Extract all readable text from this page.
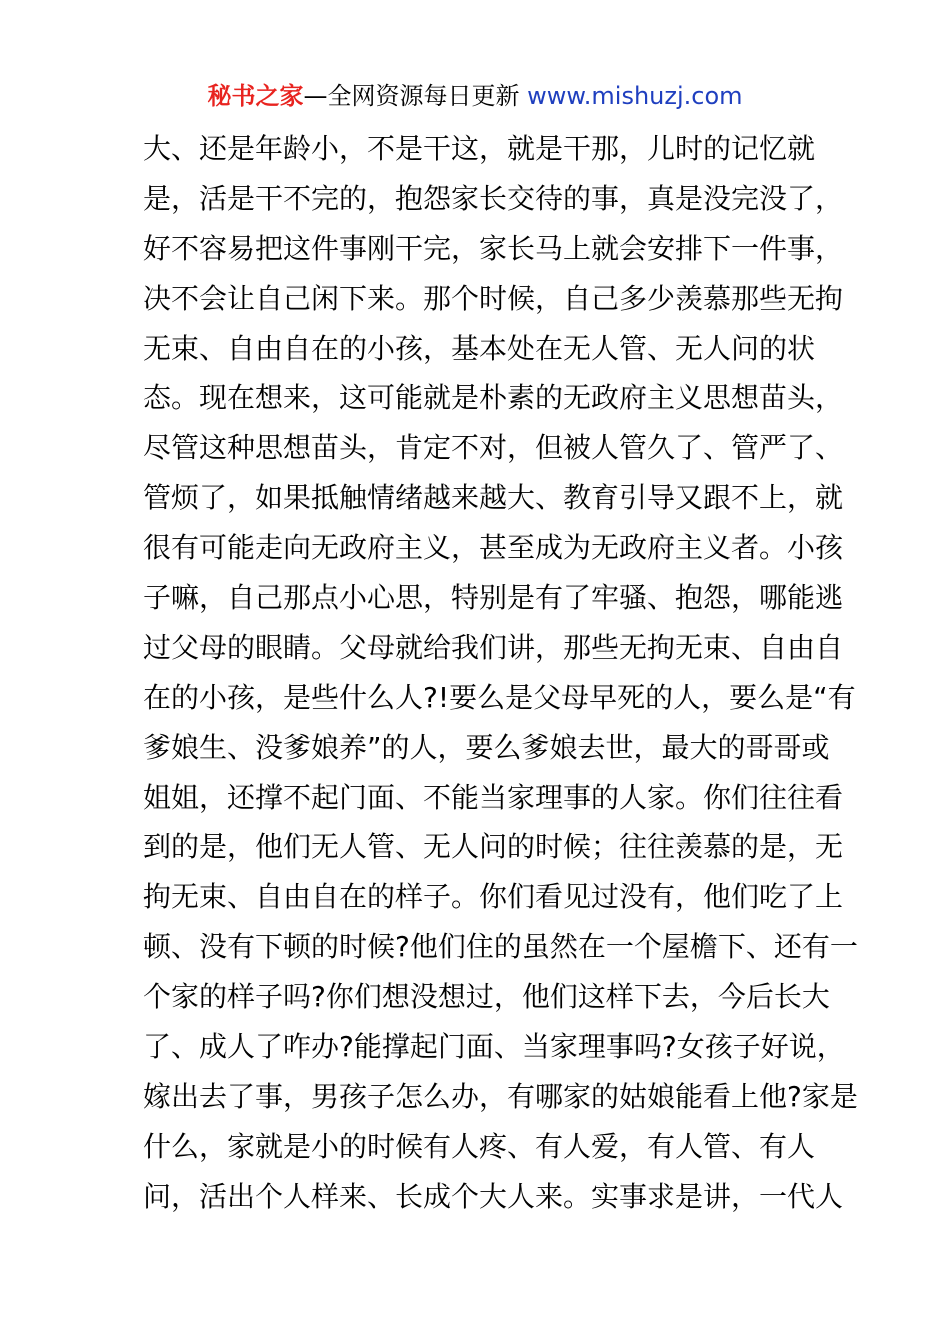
秘书之家—全网资源每日更新 www.mishuzj.com
大、还是年龄小，不是干这，就是干那，儿时的记忆就
是，活是干不完的，抱怨家长交待的事，真是没完没了，
好不容易把这件事刚干完，家长马上就会安排下一件事，
决不会让自己闲下来。那个时候，自己多少羡慕那些无拘
无束、自由自在的小孩，基本处在无人管、无人问的状
态。现在想来，这可能就是朴素的无政府主义思想苗头，
尽管这种思想苗头，肯定不对，但被人管久了、管严了、
管烦了，如果抵触情绪越来越大、教育引导又跟不上，就
很有可能走向无政府主义，甚至成为无政府主义者。小孩
子嘛，自己那点小心思，特别是有了牢骚、抱怨，哪能逃
过父母的眼睛。父母就给我们讲，那些无拘无束、自由自
在的小孩，是些什么人?!要么是父母早死的人，要么是“有
爹娘生、没爹娘养”的人，要么爹娘去世，最大的哥哥或
姐姐，还撑不起门面、不能当家理事的人家。你们往往看
到的是，他们无人管、无人问的时候；往往羡慕的是，无
拘无束、自由自在的样子。你们看见过没有，他们吃了上
顿、没有下顿的时候?他们住的虽然在一个屋檐下、还有一
个家的样子吗?你们想没想过，他们这样下去，今后长大
了、成人了咋办?能撑起门面、当家理事吗?女孩子好说，
嫁出去了事，男孩子怎么办，有哪家的姑娘能看上他?家是
什么，家就是小的时候有人疼、有人爱，有人管、有人
问，活出个人样来、长成个大人来。实事求是讲，一代人
